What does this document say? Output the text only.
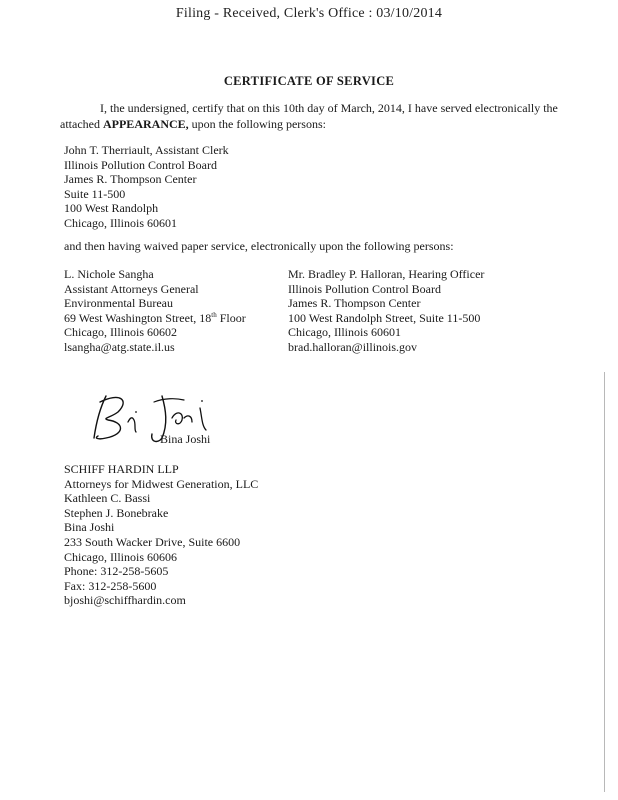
Filing - Received, Clerk's Office : 03/10/2014
CERTIFICATE OF SERVICE
I, the undersigned, certify that on this 10th day of March, 2014, I have served electronically the attached APPEARANCE, upon the following persons:
John T. Therriault, Assistant Clerk
Illinois Pollution Control Board
James R. Thompson Center
Suite 11-500
100 West Randolph
Chicago, Illinois 60601
and then having waived paper service, electronically upon the following persons:
L. Nichole Sangha
Assistant Attorneys General
Environmental Bureau
69 West Washington Street, 18th Floor
Chicago, Illinois 60602
lsangha@atg.state.il.us
Mr. Bradley P. Halloran, Hearing Officer
Illinois Pollution Control Board
James R. Thompson Center
100 West Randolph Street, Suite 11-500
Chicago, Illinois 60601
brad.halloran@illinois.gov
Bina Joshi
SCHIFF HARDIN LLP
Attorneys for Midwest Generation, LLC
Kathleen C. Bassi
Stephen J. Bonebrake
Bina Joshi
233 South Wacker Drive, Suite 6600
Chicago, Illinois 60606
Phone: 312-258-5605
Fax: 312-258-5600
bjoshi@schiffhardin.com
